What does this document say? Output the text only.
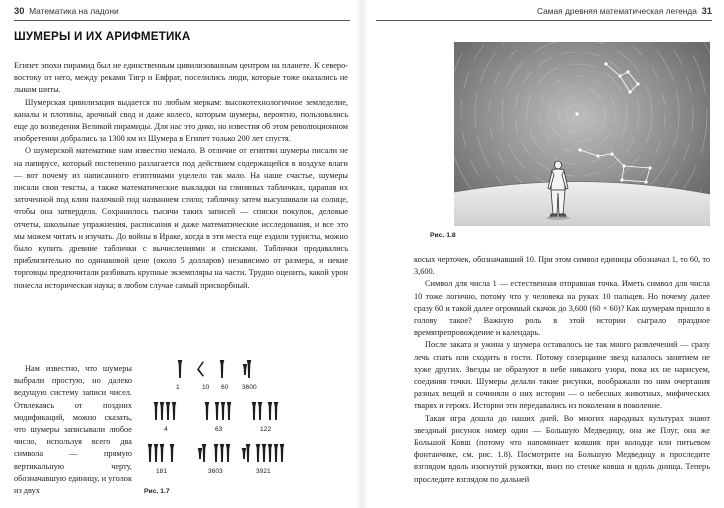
30 Математика на ладони
ШУМЕРЫ И ИХ АРИФМЕТИКА

Египет эпохи пирамид был не единственным цивилизованным центром на планете. К северо-востоку от него, между реками Тигр и Евфрат, поселились люди, которые тоже оказались не лыком шиты.

Шумерская цивилизация выдается по любым меркам: высокотехнологичное земледелие, каналы и плотины, арочный свод и даже колесо, которым шумеры, вероятно, пользовались еще до возведения Великой пирамиды. Для нас это дико, но известия об этом революционном изобретении добрались за 1300 км из Шумера в Египет только 200 лет спустя.

О шумерской математике нам известно немало. В отличие от египтян шумеры писали не на папирусе, который постепенно разлагается под действием содержащейся в воздухе влаги — вот почему из написанного египтянами уцелело так мало. На наше счастье, шумеры писали свои тексты, а также математические выкладки на глиняных табличках, царапая их заточенной под клин палочкой под названием стило; табличку затем высушивали на солнце, чтобы она затвердела. Сохранилось тысячи таких записей — списки покупок, деловые отчеты, школьные упражнения, расписания и даже математические исследования, и все это мы можем читать и изучать. До войны в Ираке, когда в эти места еще ездили туристы, можно было купить древние таблички с вычислениями и списками. Таблички продавались приблизительно по одинаковой цене (около 5 долларов) независимо от размера, и некие торговцы предпочитали разбивать крупные экземпляры на части. Трудно оценить, какой урон понесла историческая наука; в любом случае самый прискорбный.

Нам известно, что шумеры выбрали простую, но далеко ведущую систему записи чисел. Отвлекаясь от поздних модификаций, можно сказать, что шумеры записывали любое число, используя всего два символа — прямую вертикальную черту, обозначавшую единицу, и уголок из двух

1	10 60 3600
4	63	122
181	3603	3921
Рис. 1.7
Самая древняя математическая легенда 31
Рис. 1.8

косых черточек, обозначавший 10. При этом символ единицы обозначал 1, то 60, то 3,600.

Символ для числа 1 — естественная отправная точка. Иметь символ для числа 10 тоже логично, потому что у человека на руках 10 пальцев. Но почему далее сразу 60 и такой далее огромный скачок до 3,600 (60 × 60)? Как шумерам пришло в голову такое? Важную роль в этой истории сыграло праздное времяпрепровождение и календарь.

После заката и ужина у шумера оставалось не так много развлечений — сразу лечь спать или сходить в гости. Потому созерцание звезд казалось занятием не хуже других. Звезды не образуют в небе никакого узора, пока их не нарисуем, соединяя точки. Шумеры делали такие рисунки, воображали по ним очертания разных вещей и сочиняли о них истории — о небесных животных, мифических тварях и героях. Истории эти передавались из поколения в поколение.

Такая игра дошла до наших дней. Во многих народных культурах знают звездный рисунок номер один — Большую Медведицу, она же Плуг, она же Большой Ковш (потому что напоминает ковшик при колодце или питьевом фонтанчике, см. рис. 1.8). Посмотрите на Большую Медведицу и проследите взглядом вдоль изогнутой рукоятки, вниз по стенке ковша и вдоль днища. Теперь проследите взглядом по дальней
